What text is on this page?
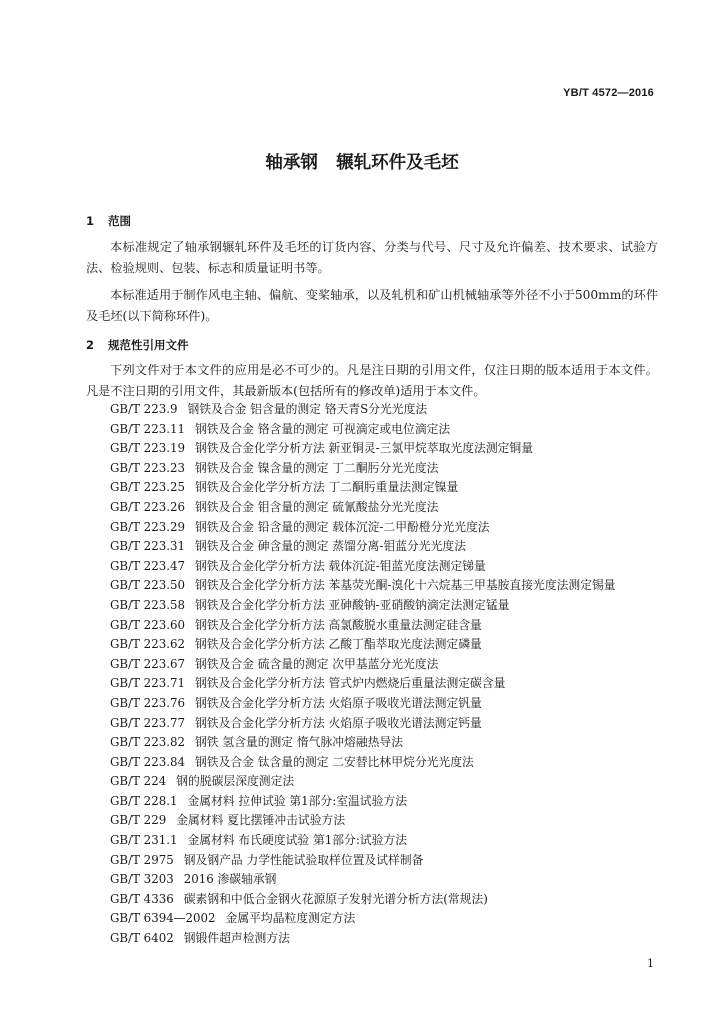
YB/T 4572—2016
轴承钢   辗轧环件及毛坯
1 范围

本标准规定了轴承钢辗轧环件及毛坯的订货内容、分类与代号、尺寸及允许偏差、技术要求、试验方法、检验规则、包装、标志和质量证明书等。

本标准适用于制作风电主轴、偏航、变桨轴承，以及轧机和矿山机械轴承等外径不小于500mm的环件及毛坯(以下简称环件)。

2 规范性引用文件

下列文件对于本文件的应用是必不可少的。凡是注日期的引用文件，仅注日期的版本适用于本文件。凡是不注日期的引用文件，其最新版本(包括所有的修改单)适用于本文件。

GB/T 223.9 钢铁及合金 铝含量的测定 铬天青S分光光度法
GB/T 223.11 钢铁及合金 铬含量的测定 可视滴定或电位滴定法
GB/T 223.19 钢铁及合金化学分析方法 新亚铜灵-三氯甲烷萃取光度法测定铜量
GB/T 223.23 钢铁及合金 镍含量的测定 丁二酮肟分光光度法
GB/T 223.25 钢铁及合金化学分析方法 丁二酮肟重量法测定镍量
GB/T 223.26 钢铁及合金 钼含量的测定 硫氰酸盐分光光度法
GB/T 223.29 钢铁及合金 铅含量的测定 载体沉淀-二甲酚橙分光光度法
GB/T 223.31 钢铁及合金 砷含量的测定 蒸馏分离-钼蓝分光光度法
GB/T 223.47 钢铁及合金化学分析方法 载体沉淀-钼蓝光度法测定锑量
GB/T 223.50 钢铁及合金化学分析方法 苯基荧光酮-溴化十六烷基三甲基胺直接光度法测定锡量
GB/T 223.58 钢铁及合金化学分析方法 亚砷酸钠-亚硝酸钠滴定法测定锰量
GB/T 223.60 钢铁及合金化学分析方法 高氯酸脱水重量法测定硅含量
GB/T 223.62 钢铁及合金化学分析方法 乙酸丁酯萃取光度法测定磷量
GB/T 223.67 钢铁及合金 硫含量的测定 次甲基蓝分光光度法
GB/T 223.71 钢铁及合金化学分析方法 管式炉内燃烧后重量法测定碳含量
GB/T 223.76 钢铁及合金化学分析方法 火焰原子吸收光谱法测定钒量
GB/T 223.77 钢铁及合金化学分析方法 火焰原子吸收光谱法测定钙量
GB/T 223.82 钢铁 氢含量的测定 惰气脉冲熔融热导法
GB/T 223.84 钢铁及合金 钛含量的测定 二安替比林甲烷分光光度法
GB/T 224 钢的脱碳层深度测定法
GB/T 228.1 金属材料 拉伸试验 第1部分:室温试验方法
GB/T 229 金属材料 夏比摆锤冲击试验方法
GB/T 231.1 金属材料 布氏硬度试验 第1部分:试验方法
GB/T 2975 钢及钢产品 力学性能试验取样位置及试样制备
GB/T 3203 2016 渗碳轴承钢
GB/T 4336 碳素钢和中低合金钢火花源原子发射光谱分析方法(常规法)
GB/T 6394—2002 金属平均晶粒度测定方法
GB/T 6402 钢锻件超声检测方法
1
